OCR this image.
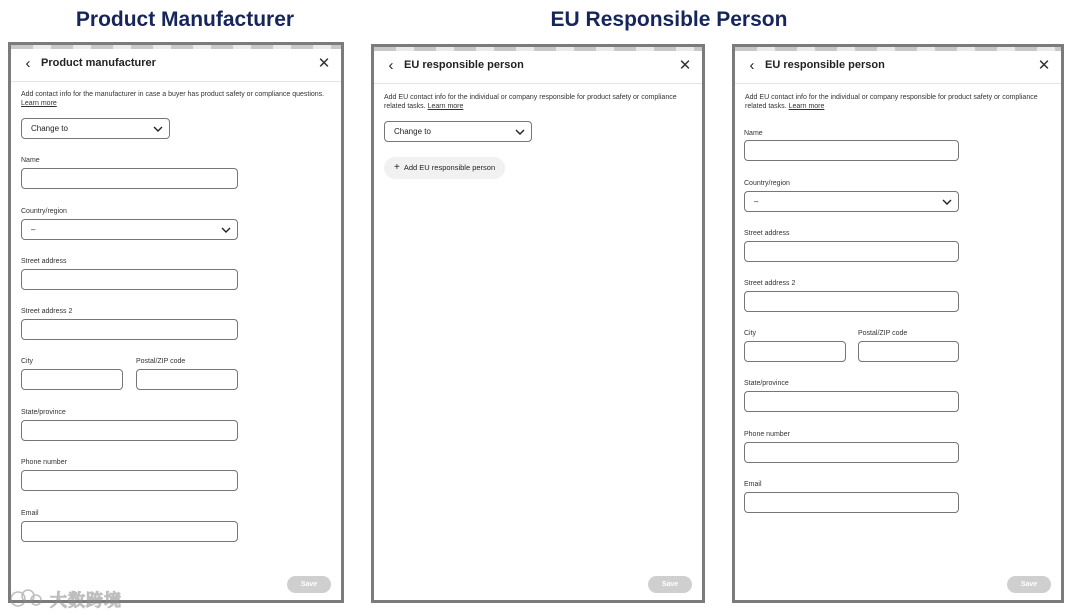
Product Manufacturer	EU Responsible Person
‹ Product manufacturer	✕
Add contact info for the manufacturer in case a buyer has product safety or compliance questions. Learn more
Change to
Name
Country/region
–
Street address
Street address 2
City	Postal/ZIP code
State/province
Phone number
Email
Save
‹ EU responsible person	✕
Add EU contact info for the individual or company responsible for product safety or compliance related tasks. Learn more
Change to
+ Add EU responsible person
Save
‹ EU responsible person	✕
Add EU contact info for the individual or company responsible for product safety or compliance related tasks. Learn more
Name
Country/region
–
Street address
Street address 2
City	Postal/ZIP code
State/province
Phone number
Email
Save
大数跨境
